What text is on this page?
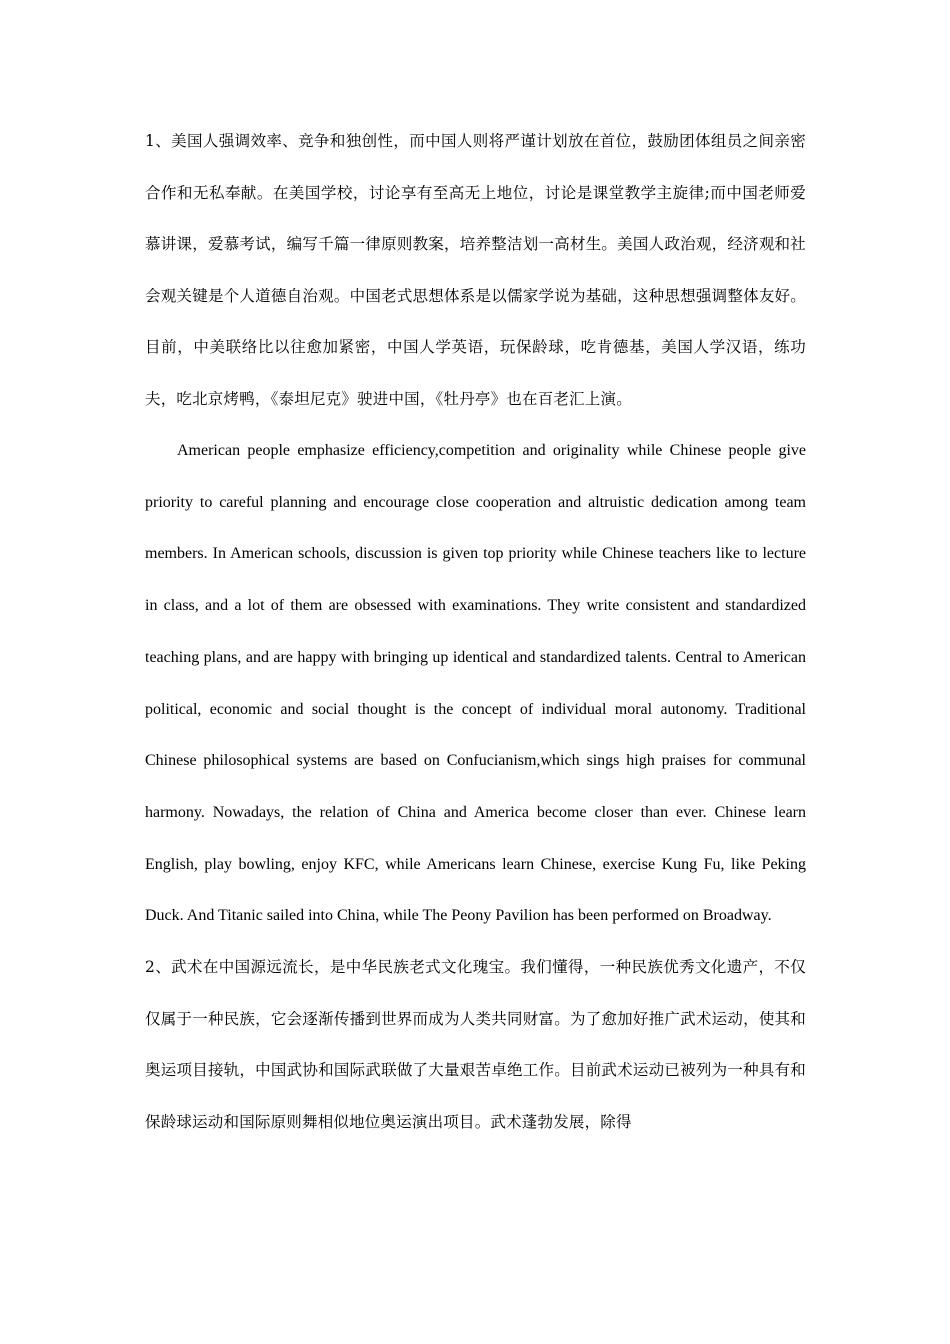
1、美国人强调效率、竞争和独创性，而中国人则将严谨计划放在首位，鼓励团体组员之间亲密合作和无私奉献。在美国学校，讨论享有至高无上地位，讨论是课堂教学主旋律;而中国老师爱慕讲课，爱慕考试，编写千篇一律原则教案，培养整洁划一高材生。美国人政治观，经济观和社会观关键是个人道德自治观。中国老式思想体系是以儒家学说为基础，这种思想强调整体友好。目前，中美联络比以往愈加紧密，中国人学英语，玩保龄球，吃肯德基，美国人学汉语，练功夫，吃北京烤鸭，《泰坦尼克》驶进中国，《牡丹亭》也在百老汇上演。

American people emphasize efficiency,competition and originality while Chinese people give priority to careful planning and encourage close cooperation and altruistic dedication among team members. In American schools, discussion is given top priority while Chinese teachers like to lecture in class, and a lot of them are obsessed with examinations. They write consistent and standardized teaching plans, and are happy with bringing up identical and standardized talents. Central to American political, economic and social thought is the concept of individual moral autonomy. Traditional Chinese philosophical systems are based on Confucianism,which sings high praises for communal harmony. Nowadays, the relation of China and America become closer than ever. Chinese learn English, play bowling, enjoy KFC, while Americans learn Chinese, exercise Kung Fu, like Peking Duck. And Titanic sailed into China, while The Peony Pavilion has been performed on Broadway.

2、武术在中国源远流长，是中华民族老式文化瑰宝。我们懂得，一种民族优秀文化遗产，不仅仅属于一种民族，它会逐渐传播到世界而成为人类共同财富。为了愈加好推广武术运动，使其和奥运项目接轨，中国武协和国际武联做了大量艰苦卓绝工作。目前武术运动已被列为一种具有和保龄球运动和国际原则舞相似地位奥运演出项目。武术蓬勃发展，除得
